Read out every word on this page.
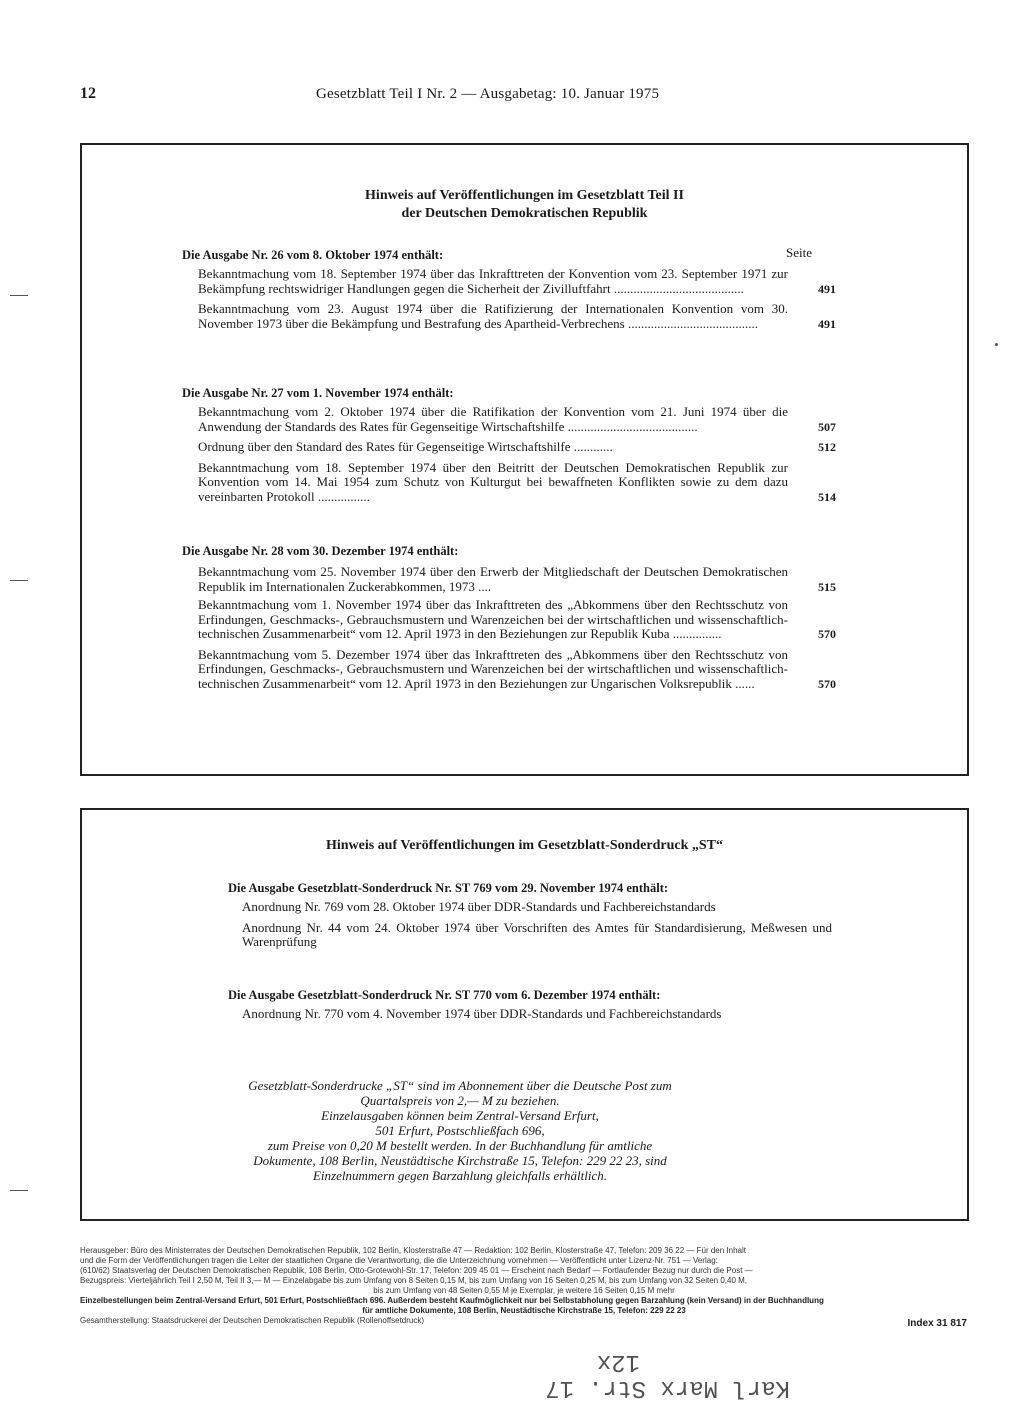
12	Gesetzblatt Teil I Nr. 2 — Ausgabetag: 10. Januar 1975
Hinweis auf Veröffentlichungen im Gesetzblatt Teil II
der Deutschen Demokratischen Republik
Seite
Die Ausgabe Nr. 26 vom 8. Oktober 1974 enthält:
Bekanntmachung vom 18. September 1974 über das Inkrafttreten der Konvention vom 23. September 1971 zur Bekämpfung rechtswidriger Handlungen gegen die Sicherheit der Zivilluftfahrt ........................................	491
Bekanntmachung vom 23. August 1974 über die Ratifizierung der Internationalen Konvention vom 30. November 1973 über die Bekämpfung und Bestrafung des Apartheid-Verbrechens ........................................	491
Die Ausgabe Nr. 27 vom 1. November 1974 enthält:
Bekanntmachung vom 2. Oktober 1974 über die Ratifikation der Konvention vom 21. Juni 1974 über die Anwendung der Standards des Rates für Gegenseitige Wirtschaftshilfe ........................................	507
Ordnung über den Standard des Rates für Gegenseitige Wirtschaftshilfe ............	512
Bekanntmachung vom 18. September 1974 über den Beitritt der Deutschen Demokratischen Republik zur Konvention vom 14. Mai 1954 zum Schutz von Kulturgut bei bewaffneten Konflikten sowie zu dem dazu vereinbarten Protokoll ................	514
Die Ausgabe Nr. 28 vom 30. Dezember 1974 enthält:
Bekanntmachung vom 25. November 1974 über den Erwerb der Mitgliedschaft der Deutschen Demokratischen Republik im Internationalen Zuckerabkommen, 1973 ....	515
Bekanntmachung vom 1. November 1974 über das Inkrafttreten des „Abkommens über den Rechtsschutz von Erfindungen, Geschmacks-, Gebrauchsmustern und Warenzeichen bei der wirtschaftlichen und wissenschaftlich-technischen Zusammenarbeit“ vom 12. April 1973 in den Beziehungen zur Republik Kuba ...............	570
Bekanntmachung vom 5. Dezember 1974 über das Inkrafttreten des „Abkommens über den Rechtsschutz von Erfindungen, Geschmacks-, Gebrauchsmustern und Warenzeichen bei der wirtschaftlichen und wissenschaftlich-technischen Zusammenarbeit“ vom 12. April 1973 in den Beziehungen zur Ungarischen Volksrepublik ......	570
Hinweis auf Veröffentlichungen im Gesetzblatt-Sonderdruck „ST“
Die Ausgabe Gesetzblatt-Sonderdruck Nr. ST 769 vom 29. November 1974 enthält:
Anordnung Nr. 769 vom 28. Oktober 1974 über DDR-Standards und Fachbereichstandards
Anordnung Nr. 44 vom 24. Oktober 1974 über Vorschriften des Amtes für Standardisierung, Meßwesen und Warenprüfung
Die Ausgabe Gesetzblatt-Sonderdruck Nr. ST 770 vom 6. Dezember 1974 enthält:
Anordnung Nr. 770 vom 4. November 1974 über DDR-Standards und Fachbereichstandards
Gesetzblatt-Sonderdrucke „ST“ sind im Abonnement über die Deutsche Post zum
Quartalspreis von 2,— M zu beziehen.
Einzelausgaben können beim Zentral-Versand Erfurt,
501 Erfurt, Postschließfach 696,
zum Preise von 0,20 M bestellt werden. In der Buchhandlung für amtliche
Dokumente, 108 Berlin, Neustädtische Kirchstraße 15, Telefon: 229 22 23, sind
Einzelnummern gegen Barzahlung gleichfalls erhältlich.
Herausgeber: Büro des Ministerrates der Deutschen Demokratischen Republik, 102 Berlin, Klosterstraße 47 — Redaktion: 102 Berlin, Klosterstraße 47, Telefon: 209 36 22 — Für den Inhalt
und die Form der Veröffentlichungen tragen die Leiter der staatlichen Organe die Verantwortung, die die Unterzeichnung vornehmen — Veröffentlicht unter Lizenz-Nr. 751 — Verlag:
(610/62) Staatsverlag der Deutschen Demokratischen Republik, 108 Berlin, Otto-Grotewohl-Str. 17, Telefon: 209 45 01 — Erscheint nach Bedarf — Fortlaufender Bezug nur durch die Post —
Bezugspreis: Vierteljährlich Teil I 2,50 M, Teil II 3,— M — Einzelabgabe bis zum Umfang von 8 Seiten 0,15 M, bis zum Umfang von 16 Seiten 0,25 M, bis zum Umfang von 32 Seiten 0,40 M,
bis zum Umfang von 48 Seiten 0,55 M je Exemplar, je weitere 16 Seiten 0,15 M mehr
Einzelbestellungen beim Zentral-Versand Erfurt, 501 Erfurt, Postschließfach 696. Außerdem besteht Kaufmöglichkeit nur bei Selbstabholung gegen Barzahlung (kein Versand) in der Buchhandlung
für amtliche Dokumente, 108 Berlin, Neustädtische Kirchstraße 15, Telefon: 229 22 23
Gesamtherstellung: Staatsdruckerei der Deutschen Demokratischen Republik (Rollenoffsetdruck)	Index 31 817
Karl Marx Str. 17
12x
